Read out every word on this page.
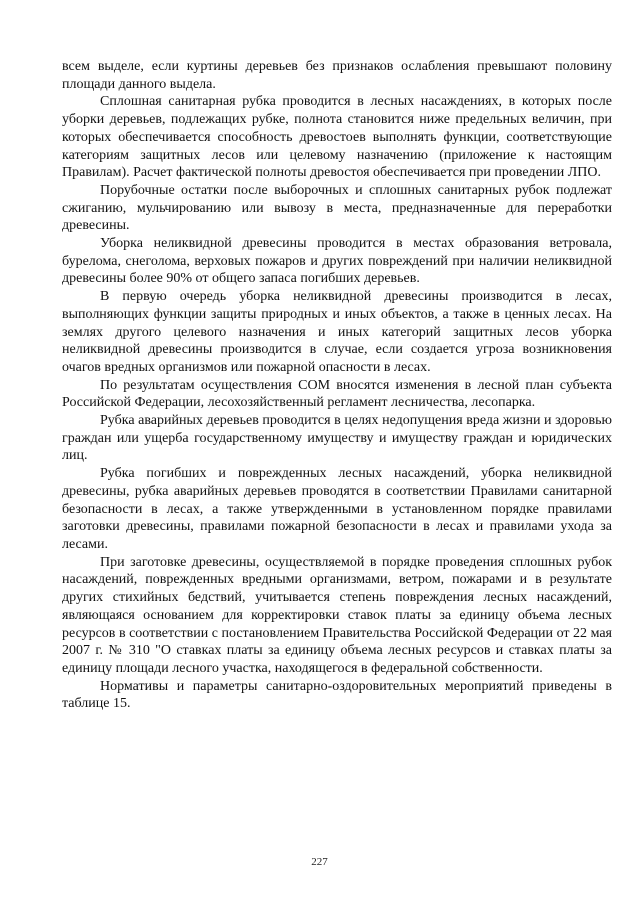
всем выделе, если куртины деревьев без признаков ослабления превышают половину площади данного выдела.

Сплошная санитарная рубка проводится в лесных насаждениях, в которых после уборки деревьев, подлежащих рубке, полнота становится ниже предельных величин, при которых обеспечивается способность древостоев выполнять функции, соответствующие категориям защитных лесов или целевому назначению (приложение к настоящим Правилам). Расчет фактической полноты древостоя обеспечивается при проведении ЛПО.

Порубочные остатки после выборочных и сплошных санитарных рубок подлежат сжиганию, мульчированию или вывозу в места, предназначенные для переработки древесины.

Уборка неликвидной древесины проводится в местах образования ветровала, бурелома, снеголома, верховых пожаров и других повреждений при наличии неликвидной древесины более 90% от общего запаса погибших деревьев.

В первую очередь уборка неликвидной древесины производится в лесах, выполняющих функции защиты природных и иных объектов, а также в ценных лесах. На землях другого целевого назначения и иных категорий защитных лесов уборка неликвидной древесины производится в случае, если создается угроза возникновения очагов вредных организмов или пожарной опасности в лесах.

По результатам осуществления СОМ вносятся изменения в лесной план субъекта Российской Федерации, лесохозяйственный регламент лесничества, лесопарка.

Рубка аварийных деревьев проводится в целях недопущения вреда жизни и здоровью граждан или ущерба государственному имуществу и имуществу граждан и юридических лиц.

Рубка погибших и поврежденных лесных насаждений, уборка неликвидной древесины, рубка аварийных деревьев проводятся в соответствии Правилами санитарной безопасности в лесах, а также утвержденными в установленном порядке правилами заготовки древесины, правилами пожарной безопасности в лесах и правилами ухода за лесами.

При заготовке древесины, осуществляемой в порядке проведения сплошных рубок насаждений, поврежденных вредными организмами, ветром, пожарами и в результате других стихийных бедствий, учитывается степень повреждения лесных насаждений, являющаяся основанием для корректировки ставок платы за единицу объема лесных ресурсов в соответствии с постановлением Правительства Российской Федерации от 22 мая 2007 г. № 310 "О ставках платы за единицу объема лесных ресурсов и ставках платы за единицу площади лесного участка, находящегося в федеральной собственности.

Нормативы и параметры санитарно-оздоровительных мероприятий приведены в таблице 15.

227
